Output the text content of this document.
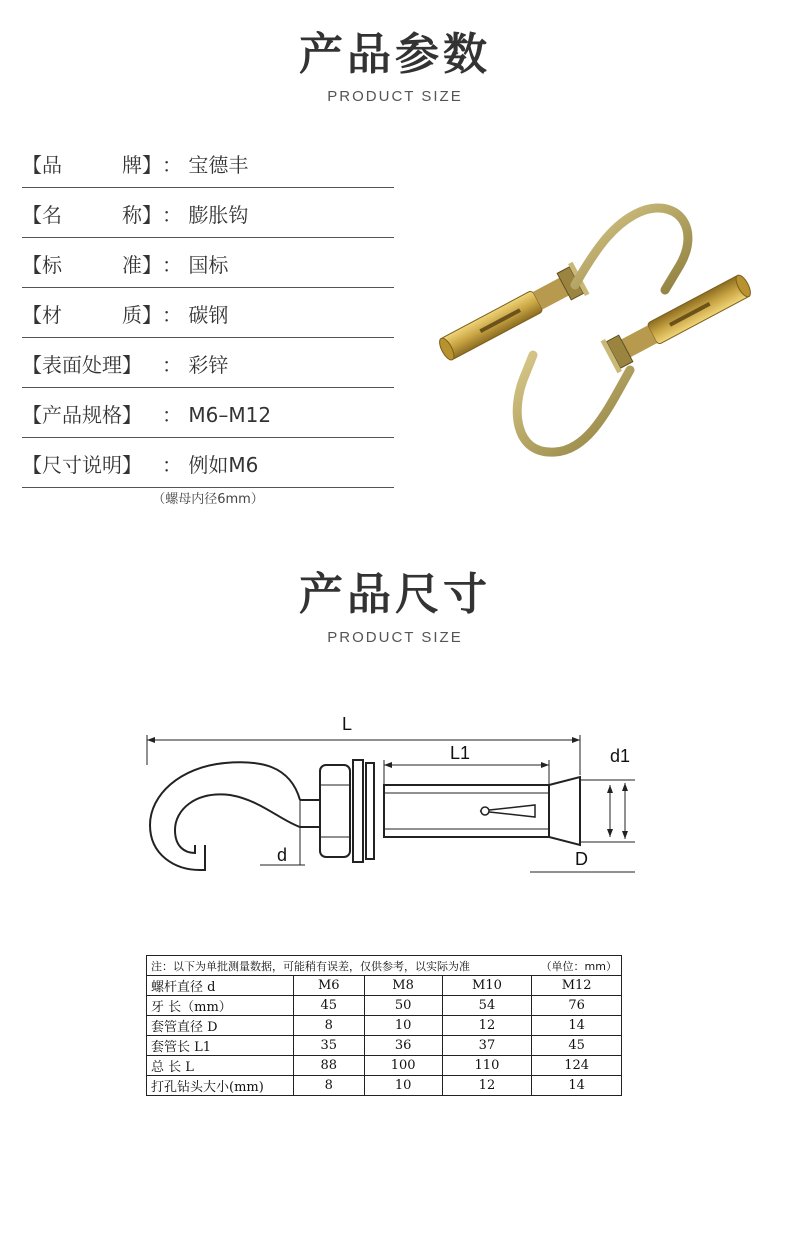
产品参数
PRODUCT SIZE
【品	牌】 ： 宝德丰
【名	称】 ： 膨胀钩
【标	准】 ： 国标
【材	质】 ： 碳钢
【表面处理】	： 彩锌
【产品规格】	： M6–M12
【尺寸说明】	： 例如M6
（螺母内径6mm）
产品尺寸
PRODUCT SIZE
L
d
L1	d1
D
注：以下为单批测量数据，可能稍有误差，仅供参考，以实际为准 （单位：mm）				

螺杆直径 d	M6	M8	M10	M12
牙 长（mm）	45	50	54	76
套管直径 D	8	10	12	14
套管长 L1	35	36	37	45
总 长 L	88	100	110	124
打孔钻头大小(mm)	8	10	12	14
